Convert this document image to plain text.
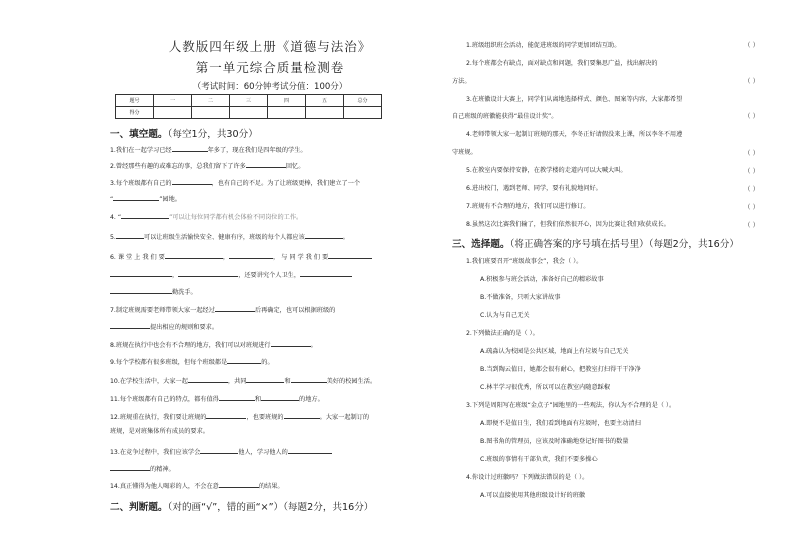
人教版四年级上册《道德与法治》
第一单元综合质量检测卷
（考试时间：60分钟考试分值：100分）
题号	一	二	三	四	五	总分
得分						
一、填空题。（每空1分，共30分）
1.我们在一起学习已经	年多了，现在我们是四年级的学生。
2.曾经那些有趣的或难忘的事，总我们留下了许多	回忆。
3.每个班级都有自己的	，也有自己的不足。为了让班级更棒，我们建立了一个
“	”园地。
4. “	”可以让每位同学都有机会体验不同岗位的工作。
5.	可以让班级生活愉快安全、健康有序，班级的每个人都应该	。
6. 课 堂 上 我 们 要	，	， 与 同 学 我 们 要
，	，还要讲究个人卫生，
勤洗手。
7.制定班规需要老师带领大家一起经过	后再确定，也可以根据班级的
提出相应的规则和要求。
8.班规在执行中也会有不合理的地方，我们可以对班规进行	。
9.每个学校都有很多班级，但每个班级都是	的。
10.在学校生活中，大家一起	，共同	和	美好的校园生活。
11.每个班级都有自己的特点，都有值得	和	的地方。
12.班规重在执行，我们要让班规的	，也要班规的	。大家一起制订的
班规，是对班集体所有成员的要求。
13.在竞争过程中，我们应该学会	他人，学习他人的
的精神。
14.真正懂得为他人喝彩的人，不会在意	的结果。
二、判断题。（对的画“√”，错的画“×”）（每题2分，共16分）
1.班级组织班会活动，能促进班级的同学更加团结互助。	（ ）
2.每个班都会有缺点，面对缺点和问题，我们要集思广益，找出解决的
方法。	（ ）
3.在班徽设计大赛上，同学们从离地选择样式、颜色、图案等内容，大家都希望
自己班级的班徽能获得“最佳设计奖”。	（ ）
4.老师带领大家一起制订班规的那天，李冬正好请假没来上课，所以李冬不用遵
守班规。	（ ）
5.在教室内要保持安静，在教学楼的走道内可以大喊大叫。	（ ）
6.进出校门，遇到老师、同学，要有礼貌地问好。	（ ）
7.班规有不合理的地方，我们可以进行修订。	（ ）
8.虽然这次比赛我们输了，但我们依然很开心，因为比赛让我们收获成长。	（ ）
三、选择题。（将正确答案的序号填在括号里）（每题2分，共16分）
1.我们班要召开“班级故事会”，我会（ ）。
A.积极参与班会活动，准备好自己的精彩故事
B.不做准备，只听大家讲故事
C.认为与自己无关
2.下列做法正确的是（ ）。
A.疏淼认为校园是公共区域，地面上有垃圾与自己无关
B.当到陶云值日，她都会很有耐心，把教室打扫得干干净净
C.林半学习很优秀，所以可以在教室内随意踩椒
3.下列是周阳写在班级“金点子”园地里的一些观法，你认为不合理的是（ ）。
A.即便不是值日生，我们看到地面有垃圾时，也要主动清扫
B.图书角的管理员，应该及时准确地登记好图书的数量
C.班级的事情有干部负责，我们不要多操心
4.你设计过班徽吗？下列做法错误的是（ ）。
A.可以直接使用其他班级设计好的班徽
